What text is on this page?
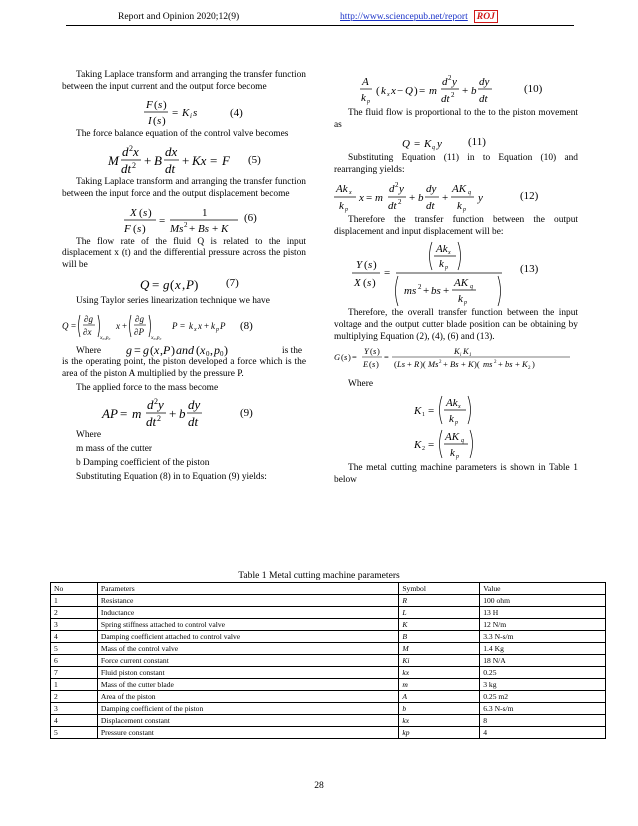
Report and Opinion 2020;12(9)	http://www.sciencepub.net/report ROJ

Taking Laplace transform and arranging the transfer function between the input current and the output force become

F ( s )
I ( s )
= K i s	(4)

The force balance equation of the control valve becomes

M
d 2 x
dt 2 + B
dx
dt
+ Kx = F (5)

Taking Laplace transform and arranging the transfer function between the input force and the output displacement become

X ( s )
F ( s )
=
1
Ms 2 + Bs + K
(6)

The flow rate of the fluid Q is related to the input displacement x (t) and the differential pressure across the piston will be

Q = g ( x , P )	(7)

Using Taylor series linearization technique we have

Q =
∂g
∂x
x₀,p₀
x +
∂g
∂P
x₀,p₀
P = k x x + k p P (8)
Where g = g ( x , P ) and ( x 0 , p 0 )	is the

is the operating point, the piston developed a force which is the area of the piston A multiplied by the pressure P.

The applied force to the mass become

AP = m
d 2 y
dt 2 + b
dy
dt
(9)

Where

m mass of the cutter

b Damping coefficient of the piston

Substituting Equation (8) in to Equation (9) yields:

A
k p
( k x x − Q ) = m
d 2 y
dt 2 + b
dy
dt
(10)

The fluid flow is proportional to the to the piston movement as

Q = K q y (11)

Substituting Equation (11) in to Equation (10) and rearranging yields:

Ak x
k p
x = m
d 2 y
dt 2 + b
dy
dt
+
AK q
k p
y	(12)

Therefore the transfer function between the output displacement and input displacement will be:

Y ( s )
X ( s )
=
Ak x
k p
ms 2 + bs +
AK q
k p
(13)

Therefore, the overall transfer function between the input voltage and the output cutter blade position can be obtaining by multiplying Equation (2), (4), (6) and (13).

G ( s ) =
Y ( s )
E ( s )
=
K i K 1
( Ls + R )( Ms 2 + Bs + K )( ms 2 + bs + K 2 )

Where

K 1 =
Ak x
k p
K 2 =
AK q
k p

The metal cutting machine parameters is shown in Table 1 below

Table 1 Metal cutting machine parameters
No	Parameters	Symbol	Value
1	Resistance	R	100 ohm
2	Inductance	L	13 H
3	Spring stiffness attached to control valve	K	12 N/m
4	Damping coefficient attached to control valve	B	3.3 N-s/m
5	Mass of the control valve	M	1.4 Kg
6	Force current constant	Ki	18 N/A
7	Fluid piston constant	kx	0.25
1	Mass of the cutter blade	m	3 kg
2	Area of the piston	A	0.25 m2
3	Damping coefficient of the piston	b	6.3 N-s/m
4	Displacement constant	kx	8
5	Pressure constant	kp	4
28
